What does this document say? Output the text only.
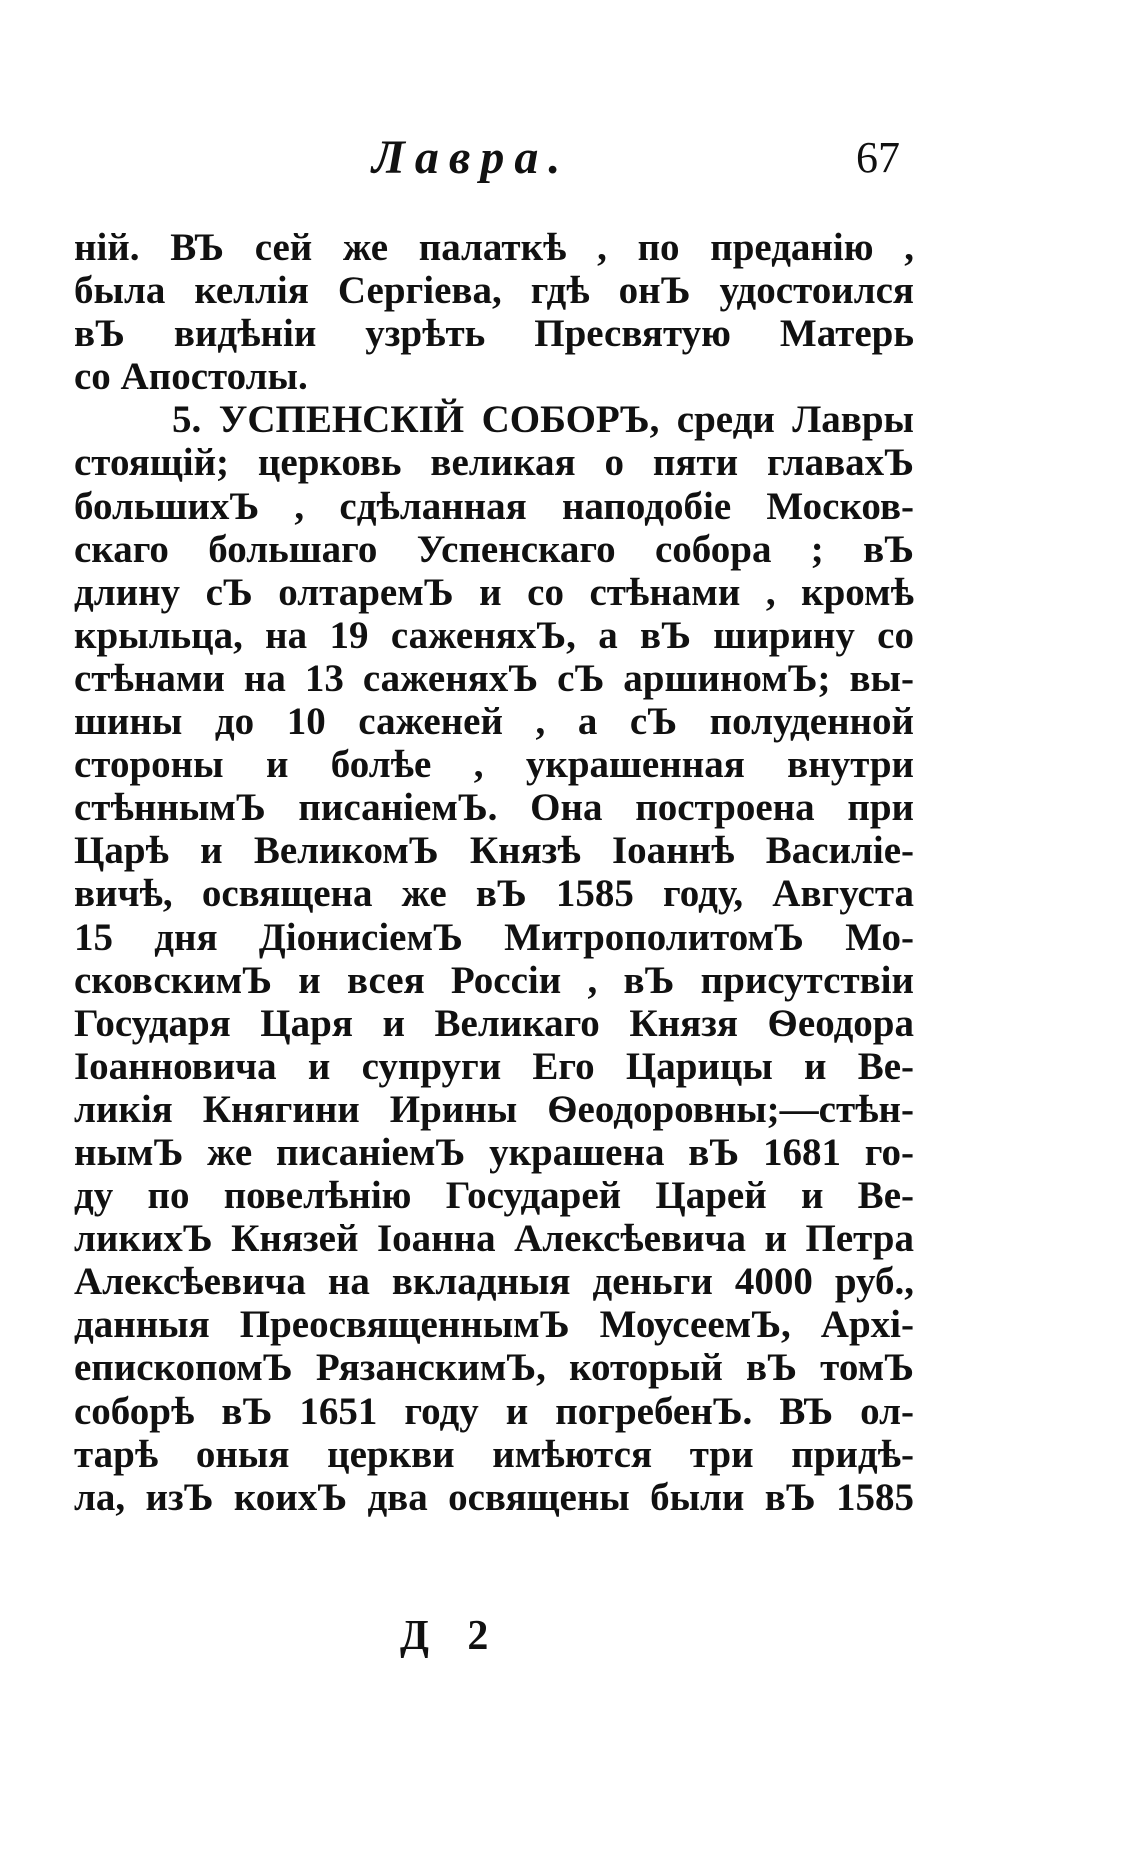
Лавра.	67
ній. ВЪ сей же палаткѣ , по преданію ,
была келлія Сергіева, гдѣ онЪ удостоился
вЪ видѣніи узрѣть Пресвятую Матерь
со Апостолы.
5. УСПЕНСКІЙ СОБОРЪ, среди Лавры
стоящій; церковь великая о пяти главахЪ
большихЪ , сдѣланная наподобіе Москов-
скаго большаго Успенскаго собора ; вЪ
длину сЪ олтаремЪ и со стѣнами , кромѣ
крыльца, на 19 саженяхЪ, а вЪ ширину со
стѣнами на 13 саженяхЪ сЪ аршиномЪ; вы-
шины до 10 саженей , а сЪ полуденной
стороны и болѣе , украшенная внутри
стѣннымЪ писаніемЪ. Она построена при
Царѣ и ВеликомЪ Князѣ Іоаннѣ Василіе-
вичѣ, освящена же вЪ 1585 году, Августа
15 дня ДіонисіемЪ МитрополитомЪ Мо-
сковскимЪ и всея Россіи , вЪ присутствіи
Государя Царя и Великаго Князя Ѳеодора
Іоанновича и супруги Его Царицы и Ве-
ликія Княгини Ирины Ѳеодоровны;—стѣн-
нымЪ же писаніемЪ украшена вЪ 1681 го-
ду по повелѣнію Государей Царей и Ве-
ликихЪ Князей Іоанна Алексѣевича и Петра
Алексѣевича на вкладныя деньги 4000 руб.,
данныя ПреосвященнымЪ МоусеемЪ, Архі-
епископомЪ РязанскимЪ, который вЪ томЪ
соборѣ вЪ 1651 году и погребенЪ. ВЪ ол-
тарѣ оныя церкви имѣются три придѣ-
ла, изЪ коихЪ два освящены были вЪ 1585
Д 2
